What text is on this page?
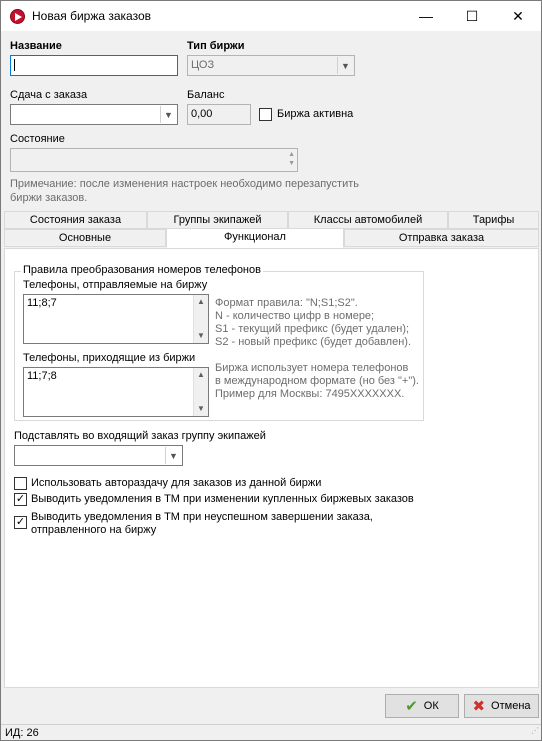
Новая биржа заказов	—	☐	✕
Название	Тип биржи
ЦОЗ	▼
Сдача с заказа
▼
Баланс
0,00	Биржа активна
Состояние
▲
▼
Примечание: после изменения настроек необходимо перезапустить биржи заказов.
Состояния заказа	Группы экипажей	Классы автомобилей	Тарифы
Основные	Функционал	Отправка заказа
Правила преобразования номеров телефонов
Телефоны, отправляемые на биржу
11;8;7	▲
▼
Формат правила: "N;S1;S2".
N - количество цифр в номере;
S1 - текущий префикс (будет удален);
S2 - новый префикс (будет добавлен).
Телефоны, приходящие из биржи
11;7;8	▲
▼
Биржа использует номера телефонов
в международном формате (но без "+").
Пример для Москвы: 7495XXXXXXX.
Подставлять во входящий заказ группу экипажей
▼
Использовать автораздачу для заказов из данной биржи
✓ Выводить уведомления в ТМ при изменении купленных биржевых заказов
✓ Выводить уведомления в ТМ при неуспешном завершении заказа, отправленного на биржу
✔ ОК ✖ Отмена
ИД: 26	⋰
